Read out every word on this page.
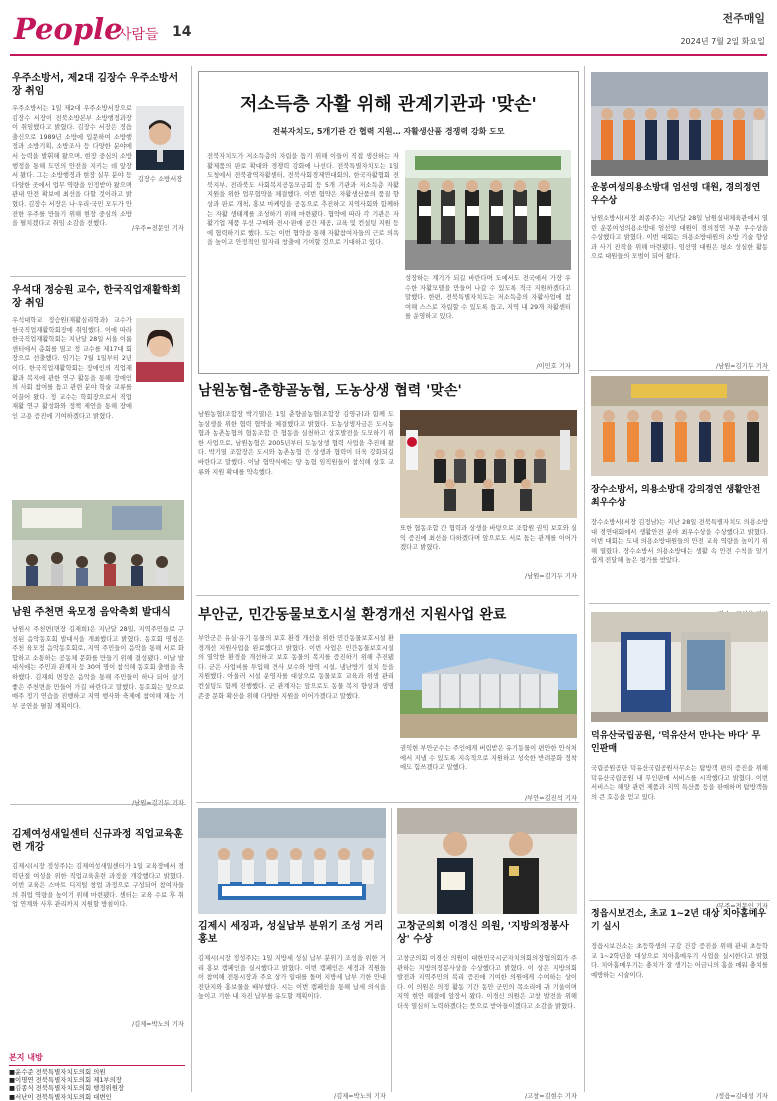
People
사람들 14
전주매일
2024년 7월 2일 화요일

우주소방서, 제2대 김장수 우주소방서장 취임

우주소방서는 1일 제2대 우주소방서장으로 김장수 서장이 전북소방본부 소방행정과장이 취임했다고 밝혔다. 김장수 서장은 정읍 출신으로 1989년 소방에 입문하여 소방행정과 소방기획, 소방조사 등 다양한 분야에서 능력을 발휘해 왔으며, 현장 중심의 소방행정을 통해 도민의 안전을 지키는 데 앞장서 왔다. 그는 소방행정과 현장 실무 분야 등 다양한 곳에서 업무 역량을 인정받아 왔으며 관내 안전 확보에 최선을 다할 것이라고 밝혔다. 김장수 서장은 나·우리·국민 모두가 안전한 우주를 만들기 위해 현장 중심의 소방을 펼치겠다고 취임 소감을 전했다.

김장수 소방서장
/우주=전문인 기자

우석대 정승원 교수, 한국직업재활학회장 취임

우석대학교 정승원(재활심리학과) 교수가 한국직업재활학회장에 취임했다. 이에 따라 한국직업재활학회는 지난달 28일 서울 이룸센터에서 총회를 열고 정 교수를 제17대 회장으로 선출했다. 임기는 7월 1일부터 2년이다. 한국직업재활학회는 장애인의 직업재활과 복지에 관한 연구 활동을 통해 장애인의 사회 참여를 돕고 관련 분야 학술 교류를 이끌어 왔다. 정 교수는 학회장으로서 직업재활 연구 활성화와 정책 제언을 통해 장애인 고용 증진에 기여하겠다고 밝혔다.

남원 주천면 육모정 음악축회 발대식

남원시 주천면(면장 김재희)은 지난달 28일, 지역주민들로 구성된 음악동호회 발대식을 개최했다고 밝혔다. 동호회 명칭은 주천 육모정 음악동호회로, 지역 주민들이 음악을 통해 서로 화합하고 소통하는 공동체 문화를 만들기 위해 결성됐다. 이날 발대식에는 주민과 관계자 등 30여 명이 참석해 동호회 출범을 축하했다. 김재희 면장은 음악을 통해 주민들이 하나 되어 살기 좋은 주천면을 만들어 가길 바란다고 말했다. 동호회는 앞으로 매주 정기 연습을 진행하고 지역 행사와 축제에 참여해 재능 기부 공연을 펼칠 계획이다.

김제여성새일센터 신규과정 직업교육훈련 개강

김제시(시장 정성주)는 김제여성새일센터가 1일 교육장에서 경력단절 여성을 위한 직업교육훈련 과정을 개강했다고 밝혔다. 이번 교육은 스마트 디지털 창업 과정으로 구성되어 참여자들의 취업 역량을 높이기 위해 마련됐다. 센터는 교육 수료 후 취업 연계와 사후 관리까지 지원할 방침이다.

/김제=박노의 기자

본지 내방

■윤수준 전북특별자치도의회 의원
■이명연 전북특별자치도의회 제1부의장
■김종식 전북특별자치도의회 행정위원장
■서난이 전북특별자치도의회 대변인

저소득층 자활 위해 관계기관과 '맞손'

전북자치도, 5개기관 간 협력 지원… 자활생산품 경쟁력 강화 도모

전북자치도가 저소득층의 자립을 돕기 위해 이들이 직접 생산하는 자활제품의 판로 확대와 경쟁력 강화에 나선다. 전북특별자치도는 1일 도청에서 전북광역자활센터, 전북사회경제연대회의, 한국자활협회 전북지부, 전라북도 사회복지공동모금회 등 5개 기관과 저소득층 자활 지원을 위한 업무협약을 체결했다. 이번 협약은 자활생산품의 품질 향상과 판로 개척, 홍보 마케팅을 공동으로 추진하고 지역사회와 함께하는 자활 생태계를 조성하기 위해 마련됐다. 협약에 따라 각 기관은 자활기업 제품 우선 구매와 전시·판매 공간 제공, 교육 및 컨설팅 지원 등에 협력하기로 했다. 도는 이번 협약을 통해 자활참여자들의 근로 의욕을 높이고 안정적인 일자리 창출에 기여할 것으로 기대하고 있다.

성장하는 계기가 되길 바란다며 도에서도 전국에서 가장 우수한 자활모델을 만들어 나갈 수 있도록 적극 지원하겠다고 말했다. 한편, 전북특별자치도는 저소득층의 자활사업에 참여해 스스로 자립할 수 있도록 돕고, 지역 내 29개 자활센터를 운영하고 있다.

/이민호 기자

남원농협-춘향골농협, 도농상생 협력 '맞손'

남원농협(조합장 박기열)은 1일 춘향골농협(조합장 김영규)과 함께 도농상생을 위한 협력 협약을 체결했다고 밝혔다. 도농상생자금은 도시농협과 농촌농협의 협동조합 간 협동을 실천하고 상호발전을 도모하기 위한 사업으로, 남원농협은 2005년부터 도농상생 협력 사업을 추진해 왔다. 박기열 조합장은 도시와 농촌농협 간 상생과 협력이 더욱 강화되길 바란다고 말했다. 이날 협약식에는 양 농협 임직원들이 참석해 상호 교류와 지원 확대를 약속했다.

또한 협동조합 간 협력과 상생을 바탕으로 조합원 권익 보호와 실익 증진에 최선을 다하겠다며 앞으로도 서로 돕는 관계를 이어가겠다고 밝혔다.

/남원=김기두 기자

부안군, 민간동물보호시설 환경개선 지원사업 완료

부안군은 유실·유기 동물의 보호 환경 개선을 위한 민간동물보호시설 환경개선 지원사업을 완료했다고 밝혔다. 이번 사업은 민간동물보호시설의 열악한 환경을 개선하고 보호 동물의 복지를 증진하기 위해 추진됐다. 군은 사업비를 투입해 견사 보수와 방역 시설, 냉난방기 설치 등을 지원했다. 아울러 시설 운영자를 대상으로 동물보호 교육과 위생 관리 컨설팅도 함께 진행했다. 군 관계자는 앞으로도 동물 복지 향상과 생명 존중 문화 확산을 위해 다양한 지원을 이어가겠다고 말했다.

권익현 부안군수는 주인에게 버림받은 유기동물이 편안한 안식처에서 지낼 수 있도록 지속적으로 지원하고 성숙한 반려문화 정착에도 힘쓰겠다고 말했다.

/부안=김진석 기자

김제시 세징과, 성실납부 분위기 조성 거리 홍보

김제시(시장 정성주)는 1일 지방세 성실 납부 분위기 조성을 위한 거리 홍보 캠페인을 실시했다고 밝혔다. 이번 캠페인은 세정과 직원들이 참여해 전통시장과 주요 상가 일대를 돌며 지방세 납부 기한 안내 전단지와 홍보물을 배부했다. 시는 이번 캠페인을 통해 납세 의식을 높이고 기한 내 자진 납부를 유도할 계획이다.

/김제=박노의 기자

고창군의회 이경신 의원, '지방의정봉사상' 수상

고창군의회 이경신 의원이 대한민국시군자치의회의장협의회가 주관하는 지방의정봉사상을 수상했다고 밝혔다. 이 상은 지방의회 발전과 지역주민의 복리 증진에 기여한 의원에게 수여하는 상이다. 이 의원은 의정 활동 기간 동안 군민의 목소리에 귀 기울이며 지역 현안 해결에 앞장서 왔다. 이경신 의원은 고창 발전을 위해 더욱 열심히 노력하겠다는 뜻으로 받아들이겠다고 소감을 밝혔다.

/고창=김현수 기자

운봉여성의용소방대 엄선영 대원, 경의정연 우수상

남원소방서(서장 최종주)는 지난달 28일 남원실내체육관에서 열린 운봉여성의용소방대 엄선영 대원이 경의정연 부문 우수상을 수상했다고 밝혔다. 이번 대회는 의용소방대원의 소방 기술 향상과 사기 진작을 위해 마련됐다. 엄선영 대원은 평소 성실한 활동으로 대원들의 모범이 되어 왔다.

/남원=김기두 기자

장수소방서, 의용소방대 강의경연 생활안전 최우수상

장수소방서(서장 김정남)는 지난 28일 전북특별자치도 의용소방대 경연대회에서 생활안전 분야 최우수상을 수상했다고 밝혔다. 이번 대회는 도내 의용소방대원들의 안전 교육 역량을 높이기 위해 열렸다. 장수소방서 의용소방대는 생활 속 안전 수칙을 알기 쉽게 전달해 높은 평가를 받았다.

덕유산국립공원, '덕유산서 만나는 바다' 무인판매

국립공원공단 덕유산국립공원사무소는 탐방객 편의 증진을 위해 덕유산국립공원 내 무인판매 서비스를 시작했다고 밝혔다. 이번 서비스는 해양 관련 제품과 지역 특산품 등을 판매하며 탐방객들의 큰 호응을 얻고 있다.

/무주=전문인 기자

정읍시보건소, 초교 1~2년 대상 치아홈메우기 실시

정읍시보건소는 초등학생의 구강 건강 증진을 위해 관내 초등학교 1~2학년을 대상으로 치아홈메우기 사업을 실시한다고 밝혔다. 치아홈메우기는 충치가 잘 생기는 어금니의 홈을 메워 충치를 예방하는 시술이다.

/정읍=김대성 기자
